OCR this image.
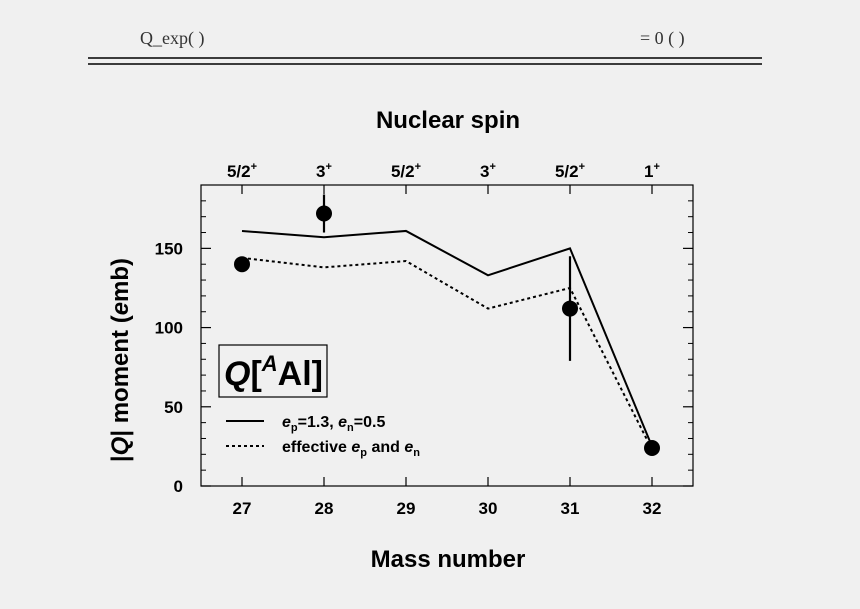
Q_exp( )	= 0 ( )
Nuclear spin
Mass number
|Q| moment (emb)
27
5/2+
28
3+
29
5/2+
30
3+
31
5/2+
32
1+
0
50
100
150
Q[$^A$Al]
$e_p=1.3$, $e_n=0.5$
effective $e_p$ and $e_n$
